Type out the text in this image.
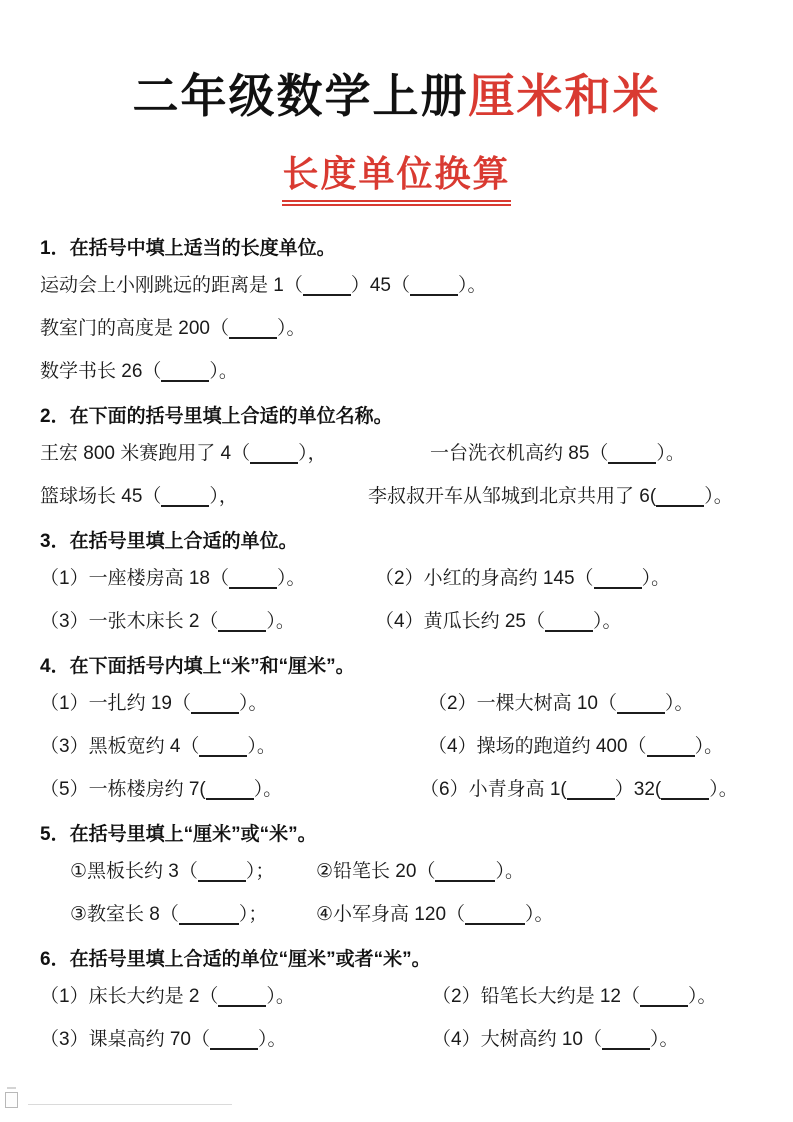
二年级数学上册厘米和米
长度单位换算
1．在括号中填上适当的长度单位。
运动会上小刚跳远的距离是 1（	）45（	）。
教室门的高度是 200（	）。
数学书长 26（	）。
2．在下面的括号里填上合适的单位名称。
王宏 800 米赛跑用了 4（	），	一台洗衣机高约 85（	）。
篮球场长 45（	），	李叔叔开车从邹城到北京共用了 6(	）。
3．在括号里填上合适的单位。
（1）一座楼房高 18（	）。	（2）小红的身高约 145（	）。
（3）一张木床长 2（	）。	（4）黄瓜长约 25（	）。
4．在下面括号内填上“米”和“厘米”。
（1）一扎约 19（	）。	（2）一棵大树高 10（	）。
（3）黑板宽约 4（	）。	（4）操场的跑道约 400（	）。
（5）一栋楼房约 7(	）。	（6）小青身高 1(	）32(	）。
5．在括号里填上“厘米”或“米”。
①黑板长约 3（	）；	②铅笔长 20（	）。
③教室长 8（	）；	④小军身高 120（	）。
6．在括号里填上合适的单位“厘米”或者“米”。
（1）床长大约是 2（	）。	（2）铅笔长大约是 12（	）。
（3）课桌高约 70（	）。	（4）大树高约 10（	）。
